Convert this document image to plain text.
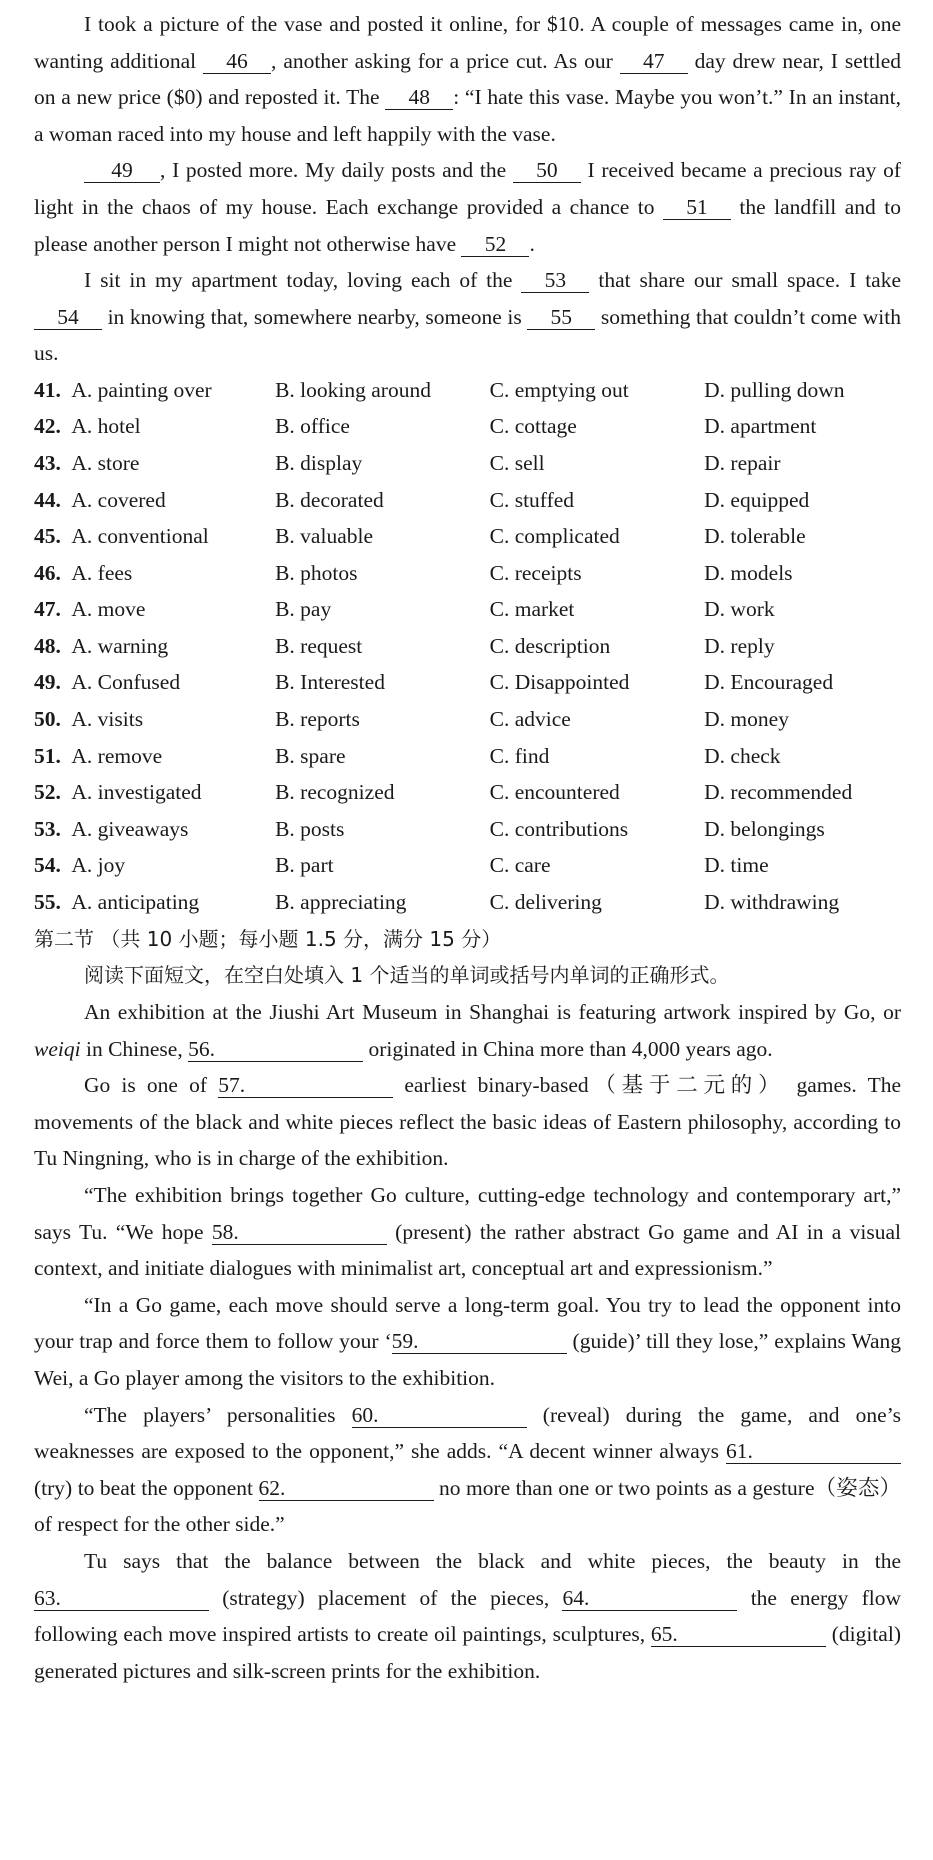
I took a picture of the vase and posted it online, for $10. A couple of messages came in, one wanting additional 46 , another asking for a price cut. As our 47 day drew near, I settled on a new price ($0) and reposted it. The 48 : “I hate this vase. Maybe you won’t.” In an instant, a woman raced into my house and left happily with the vase.

49 , I posted more. My daily posts and the 50 I received became a precious ray of light in the chaos of my house. Each exchange provided a chance to 51 the landfill and to please another person I might not otherwise have 52 .

I sit in my apartment today, loving each of the 53 that share our small space. I take 54 in knowing that, somewhere nearby, someone is 55 something that couldn’t come with us.

41. A. painting over	B. looking around	C. emptying out	D. pulling down
42. A. hotel	B. office	C. cottage	D. apartment
43. A. store	B. display	C. sell	D. repair
44. A. covered	B. decorated	C. stuffed	D. equipped
45. A. conventional	B. valuable	C. complicated	D. tolerable
46. A. fees	B. photos	C. receipts	D. models
47. A. move	B. pay	C. market	D. work
48. A. warning	B. request	C. description	D. reply
49. A. Confused	B. Interested	C. Disappointed	D. Encouraged
50. A. visits	B. reports	C. advice	D. money
51. A. remove	B. spare	C. find	D. check
52. A. investigated	B. recognized	C. encountered	D. recommended
53. A. giveaways	B. posts	C. contributions	D. belongings
54. A. joy	B. part	C. care	D. time
55. A. anticipating	B. appreciating	C. delivering	D. withdrawing

第二节 （共 10 小题；每小题 1.5 分，满分 15 分）

阅读下面短文，在空白处填入 1 个适当的单词或括号内单词的正确形式。

An exhibition at the Jiushi Art Museum in Shanghai is featuring artwork inspired by Go, or weiqi in Chinese, 56.	originated in China more than 4,000 years ago.

Go is one of 57.	earliest binary-based（基于二元的） games. The movements of the black and white pieces reflect the basic ideas of Eastern philosophy, according to Tu Ningning, who is in charge of the exhibition.

“The exhibition brings together Go culture, cutting-edge technology and contemporary art,” says Tu. “We hope 58.	(present) the rather abstract Go game and AI in a visual context, and initiate dialogues with minimalist art, conceptual art and expressionism.”

“In a Go game, each move should serve a long-term goal. You try to lead the opponent into your trap and force them to follow your ‘59.	(guide)’ till they lose,” explains Wang Wei, a Go player among the visitors to the exhibition.

“The players’ personalities 60.	(reveal) during the game, and one’s weaknesses are exposed to the opponent,” she adds. “A decent winner always 61. (try) to beat the opponent 62.	no more than one or two points as a gesture（姿态） of respect for the other side.”

Tu says that the balance between the black and white pieces, the beauty in the 63.	(strategy) placement of the pieces, 64.	the energy flow following each move inspired artists to create oil paintings, sculptures, 65.	(digital) generated pictures and silk-screen prints for the exhibition.
